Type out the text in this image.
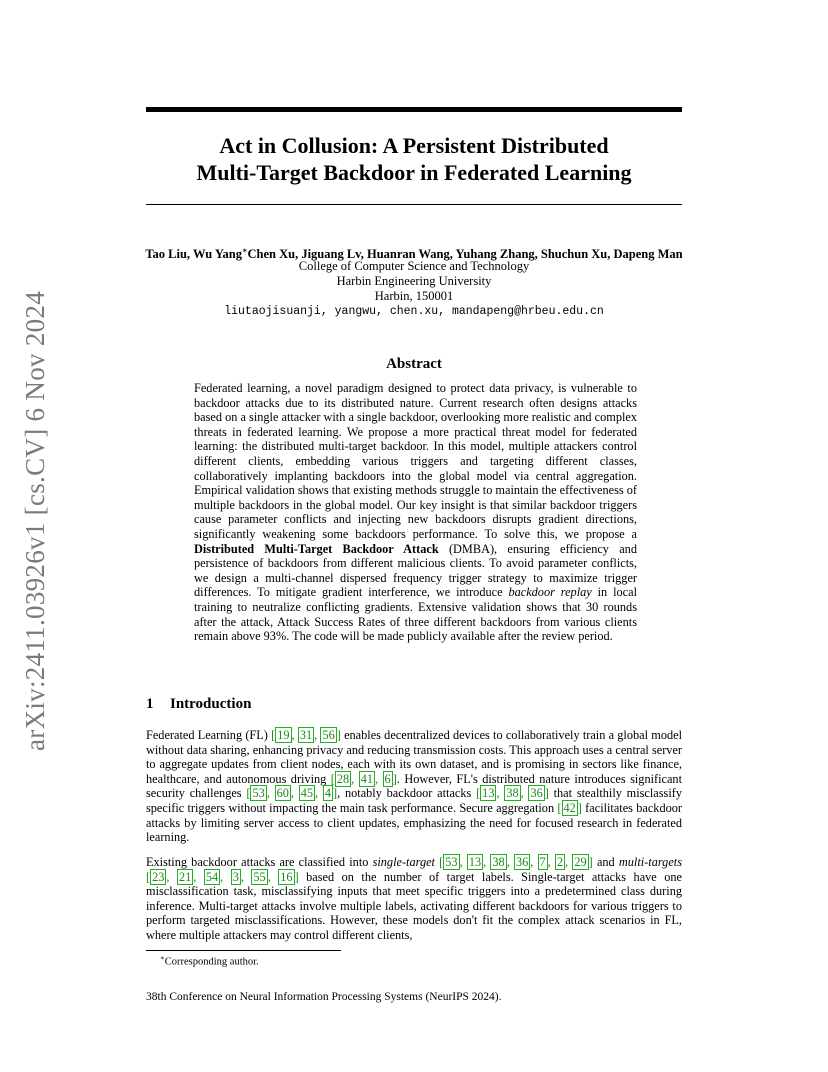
arXiv:2411.03926v1 [cs.CV] 6 Nov 2024
Act in Collusion: A Persistent Distributed
Multi-Target Backdoor in Federated Learning
Tao Liu, Wu Yang∗Chen Xu, Jiguang Lv, Huanran Wang, Yuhang Zhang, Shuchun Xu, Dapeng Man
College of Computer Science and Technology
Harbin Engineering University
Harbin, 150001
liutaojisuanji, yangwu, chen.xu, mandapeng@hrbeu.edu.cn
Abstract

Federated learning, a novel paradigm designed to protect data privacy, is vulnerable to backdoor attacks due to its distributed nature. Current research often designs attacks based on a single attacker with a single backdoor, overlooking more realistic and complex threats in federated learning. We propose a more practical threat model for federated learning: the distributed multi-target backdoor. In this model, multiple attackers control different clients, embedding various triggers and targeting different classes, collaboratively implanting backdoors into the global model via central aggregation. Empirical validation shows that existing methods struggle to maintain the effectiveness of multiple backdoors in the global model. Our key insight is that similar backdoor triggers cause parameter conflicts and injecting new backdoors disrupts gradient directions, significantly weakening some backdoors performance. To solve this, we propose a Distributed Multi-Target Backdoor Attack (DMBA), ensuring efficiency and persistence of backdoors from different malicious clients. To avoid parameter conflicts, we design a multi-channel dispersed frequency trigger strategy to maximize trigger differences. To mitigate gradient interference, we introduce backdoor replay in local training to neutralize conflicting gradients. Extensive validation shows that 30 rounds after the attack, Attack Success Rates of three different backdoors from various clients remain above 93%. The code will be made publicly available after the review period.

1 Introduction

Federated Learning (FL) [ 19 , 31 , 56 ] enables decentralized devices to collaboratively train a global model without data sharing, enhancing privacy and reducing transmission costs. This approach uses a central server to aggregate updates from client nodes, each with its own dataset, and is promising in sectors like finance, healthcare, and autonomous driving [ 28 , 41 , 6 ]. However, FL's distributed nature introduces significant security challenges [ 53 , 60 , 45 , 4 ], notably backdoor attacks [ 13 , 38 , 36 ] that stealthily misclassify specific triggers without impacting the main task performance. Secure aggregation [ 42 ] facilitates backdoor attacks by limiting server access to client updates, emphasizing the need for focused research in federated learning.

Existing backdoor attacks are classified into single-target [ 53 , 13 , 38 , 36 , 7 , 2 , 29 ] and multi-targets [ 23 , 21 , 54 , 3 , 55 , 16 ] based on the number of target labels. Single-target attacks have one misclassification task, misclassifying inputs that meet specific triggers into a predetermined class during inference. Multi-target attacks involve multiple labels, activating different backdoors for various triggers to perform targeted misclassifications. However, these models don't fit the complex attack scenarios in FL, where multiple attackers may control different clients,

∗Corresponding author.

38th Conference on Neural Information Processing Systems (NeurIPS 2024).
